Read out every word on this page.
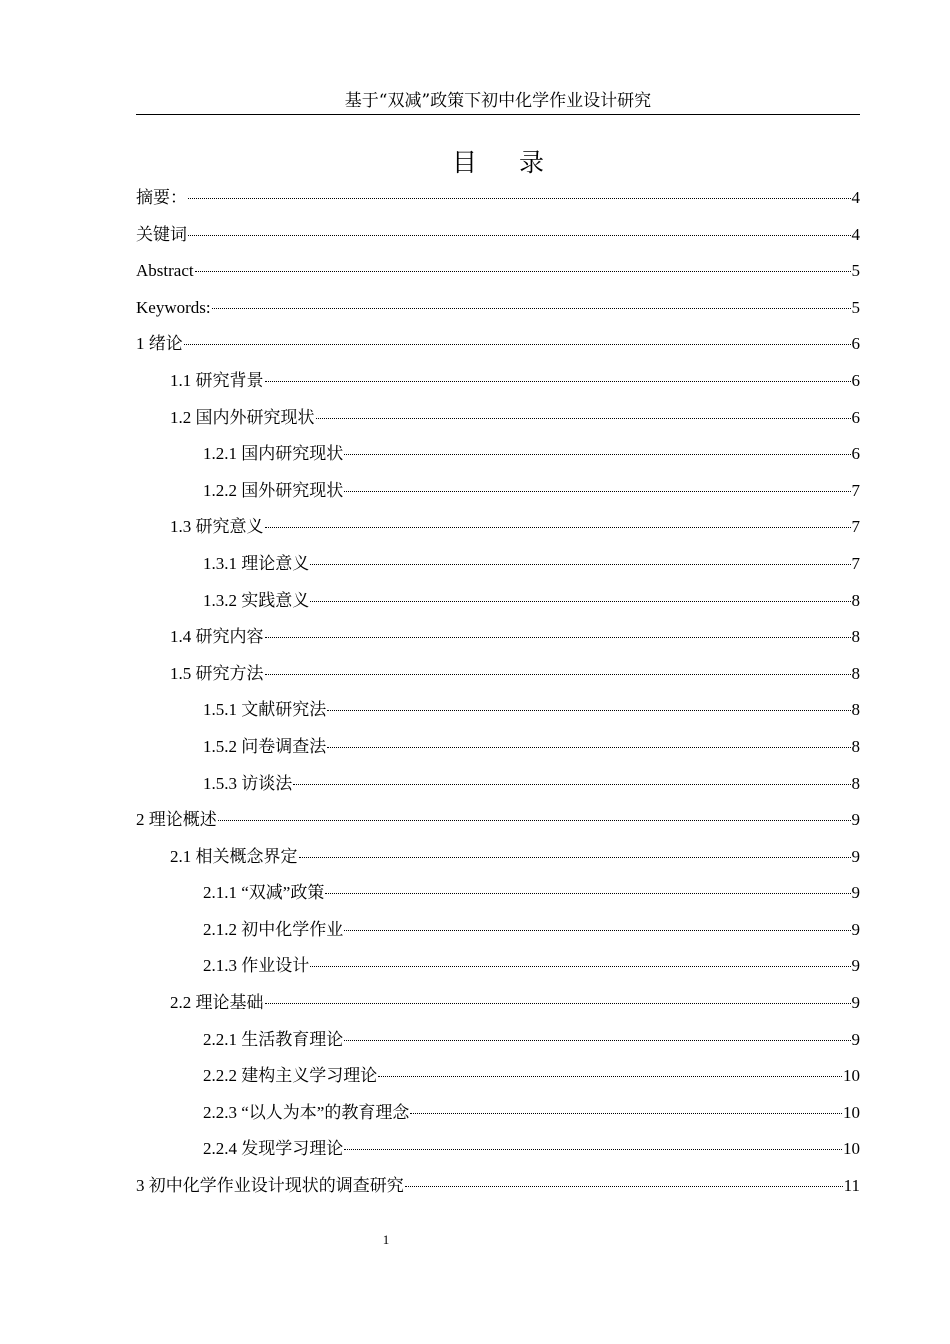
基于“双减”政策下初中化学作业设计研究
目录
摘要：	4
关键词	4
Abstract	5
Keywords:	5
1 绪论	6
1.1 研究背景	6
1.2 国内外研究现状	6
1.2.1 国内研究现状	6
1.2.2 国外研究现状	7
1.3 研究意义	7
1.3.1 理论意义	7
1.3.2 实践意义	8
1.4 研究内容	8
1.5 研究方法	8
1.5.1 文献研究法	8
1.5.2 问卷调查法	8
1.5.3 访谈法	8
2 理论概述	9
2.1 相关概念界定	9
2.1.1 “双减”政策	9
2.1.2 初中化学作业	9
2.1.3 作业设计	9
2.2 理论基础	9
2.2.1 生活教育理论	9
2.2.2 建构主义学习理论	10
2.2.3 “以人为本”的教育理念	10
2.2.4 发现学习理论	10
3 初中化学作业设计现状的调查研究	11
1
